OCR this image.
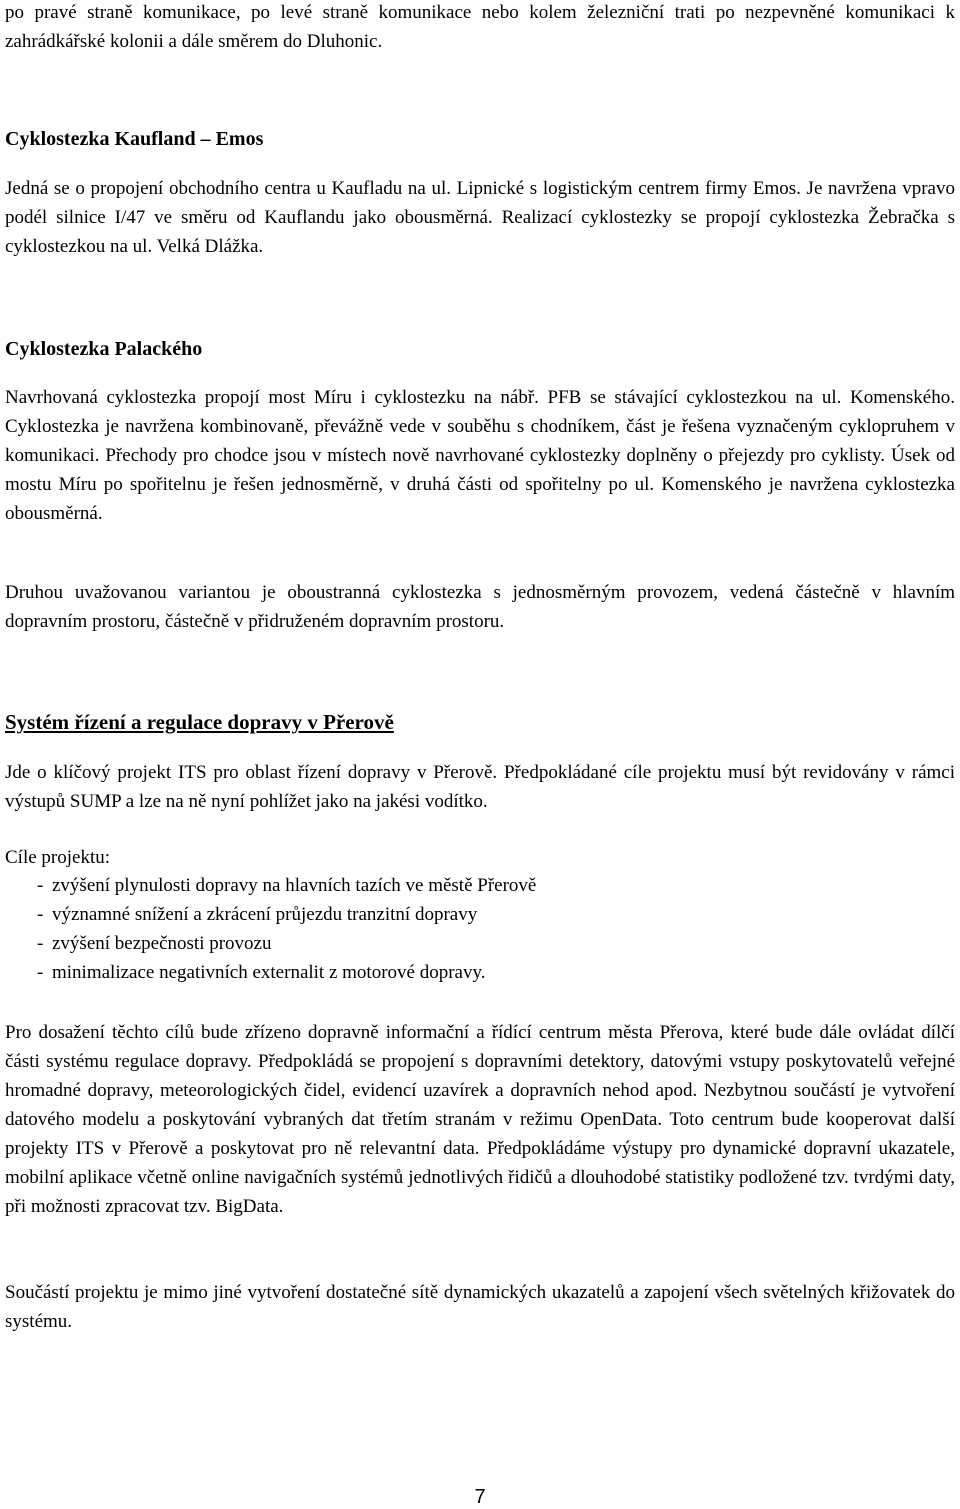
po pravé straně komunikace, po levé straně komunikace nebo kolem železniční trati po nezpevněné komunikaci k zahrádkářské kolonii a dále směrem do Dluhonic.

Cyklostezka Kaufland – Emos

Jedná se o propojení obchodního centra u Kaufladu na ul. Lipnické s logistickým centrem firmy Emos. Je navržena vpravo podél silnice I/47 ve směru od Kauflandu jako obousměrná. Realizací cyklostezky se propojí cyklostezka Žebračka s cyklostezkou na ul. Velká Dlážka.

Cyklostezka Palackého

Navrhovaná cyklostezka propojí most Míru i cyklostezku na nábř. PFB se stávající cyklostezkou na ul. Komenského. Cyklostezka je navržena kombinovaně, převážně vede v souběhu s chodníkem, část je řešena vyznačeným cyklopruhem v komunikaci. Přechody pro chodce jsou v místech nově navrhované cyklostezky doplněny o přejezdy pro cyklisty. Úsek od mostu Míru po spořitelnu je řešen jednosměrně, v druhá části od spořitelny po ul. Komenského je navržena cyklostezka obousměrná.

Druhou uvažovanou variantou je oboustranná cyklostezka s jednosměrným provozem, vedená částečně v hlavním dopravním prostoru, částečně v přidruženém dopravním prostoru.

Systém řízení a regulace dopravy v Přerově

Jde o klíčový projekt ITS pro oblast řízení dopravy v Přerově. Předpokládané cíle projektu musí být revidovány v rámci výstupů SUMP a lze na ně nyní pohlížet jako na jakési vodítko.

Cíle projektu:

- zvýšení plynulosti dopravy na hlavních tazích ve městě Přerově
- významné snížení a zkrácení průjezdu tranzitní dopravy
- zvýšení bezpečnosti provozu
- minimalizace negativních externalit z motorové dopravy.

Pro dosažení těchto cílů bude zřízeno dopravně informační a řídící centrum města Přerova, které bude dále ovládat dílčí části systému regulace dopravy. Předpokládá se propojení s dopravními detektory, datovými vstupy poskytovatelů veřejné hromadné dopravy, meteorologických čidel, evidencí uzavírek a dopravních nehod apod. Nezbytnou součástí je vytvoření datového modelu a poskytování vybraných dat třetím stranám v režimu OpenData. Toto centrum bude kooperovat další projekty ITS v Přerově a poskytovat pro ně relevantní data. Předpokládáme výstupy pro dynamické dopravní ukazatele, mobilní aplikace včetně online navigačních systémů jednotlivých řidičů a dlouhodobé statistiky podložené tzv. tvrdými daty, při možnosti zpracovat tzv. BigData.

Součástí projektu je mimo jiné vytvoření dostatečné sítě dynamických ukazatelů a zapojení všech světelných křižovatek do systému.

7
